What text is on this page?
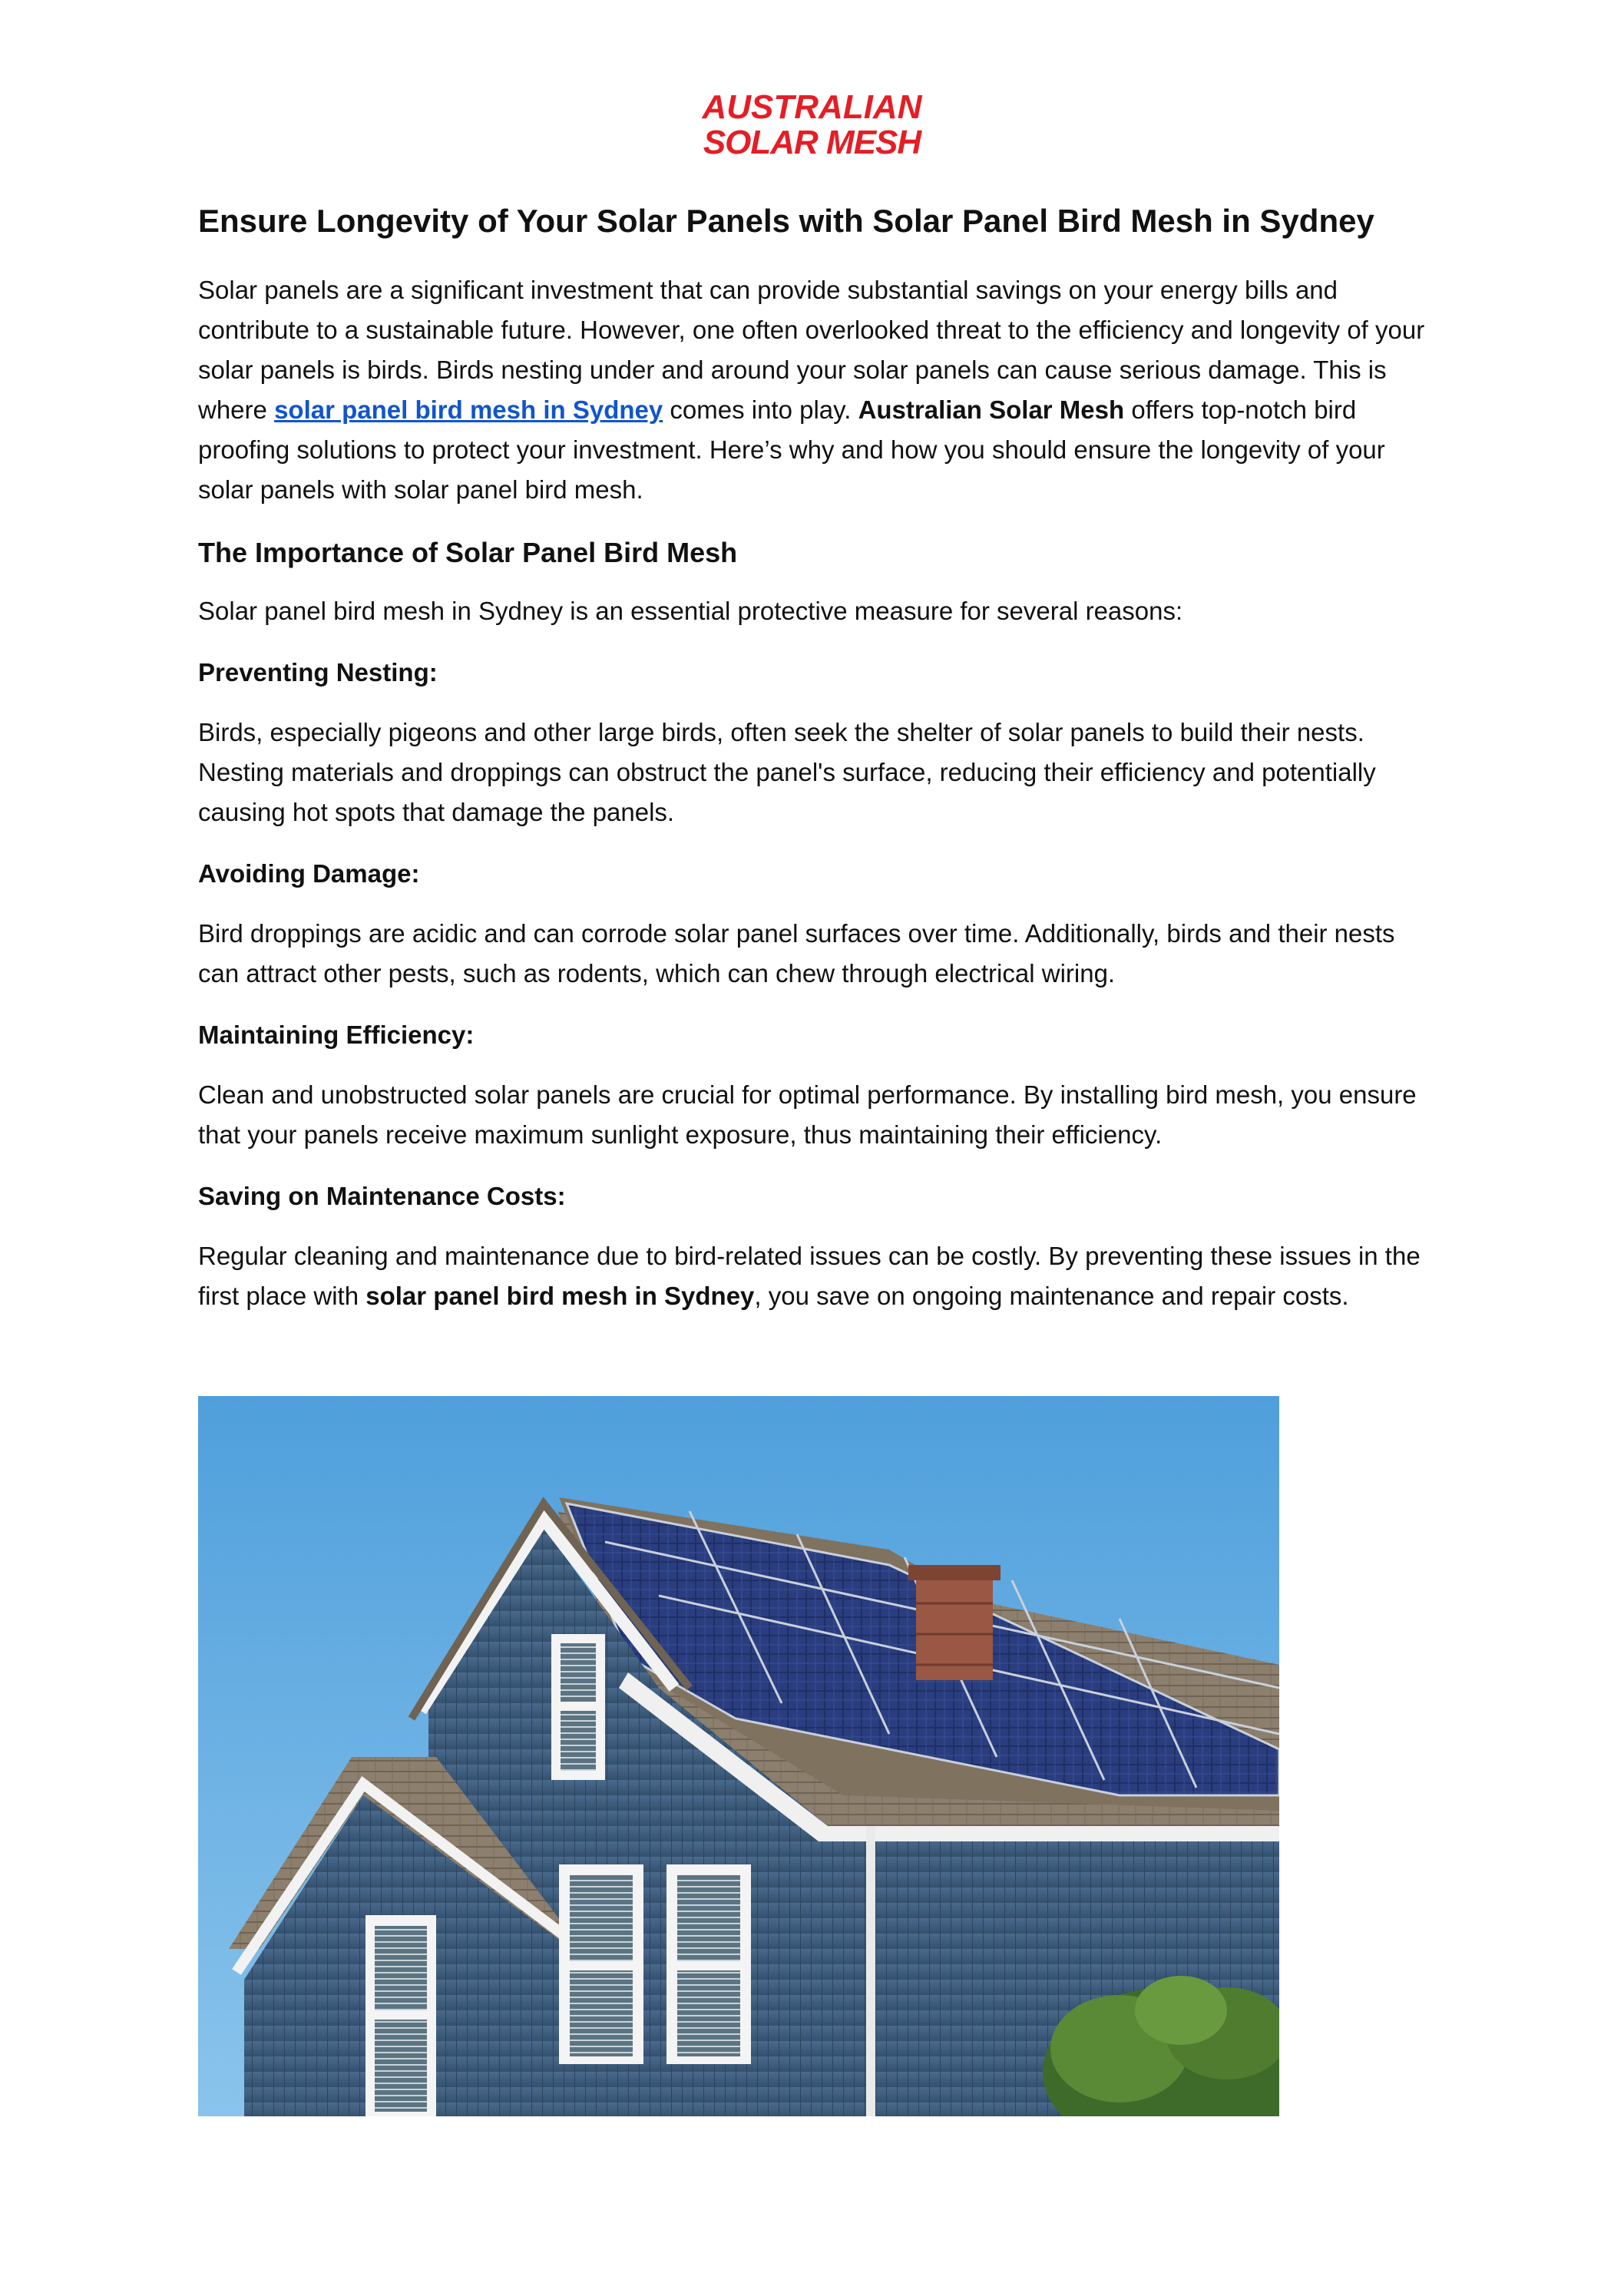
AUSTRALIAN
SOLAR MESH
Ensure Longevity of Your Solar Panels with Solar Panel Bird Mesh in Sydney

Solar panels are a significant investment that can provide substantial savings on your energy bills and contribute to a sustainable future. However, one often overlooked threat to the efficiency and longevity of your solar panels is birds. Birds nesting under and around your solar panels can cause serious damage. This is where solar panel bird mesh in Sydney comes into play. Australian Solar Mesh offers top-notch bird proofing solutions to protect your investment. Here’s why and how you should ensure the longevity of your solar panels with solar panel bird mesh.

The Importance of Solar Panel Bird Mesh

Solar panel bird mesh in Sydney is an essential protective measure for several reasons:

Preventing Nesting:

Birds, especially pigeons and other large birds, often seek the shelter of solar panels to build their nests. Nesting materials and droppings can obstruct the panel's surface, reducing their efficiency and potentially causing hot spots that damage the panels.

Avoiding Damage:

Bird droppings are acidic and can corrode solar panel surfaces over time. Additionally, birds and their nests can attract other pests, such as rodents, which can chew through electrical wiring.

Maintaining Efficiency:

Clean and unobstructed solar panels are crucial for optimal performance. By installing bird mesh, you ensure that your panels receive maximum sunlight exposure, thus maintaining their efficiency.

Saving on Maintenance Costs:

Regular cleaning and maintenance due to bird-related issues can be costly. By preventing these issues in the first place with solar panel bird mesh in Sydney, you save on ongoing maintenance and repair costs.
